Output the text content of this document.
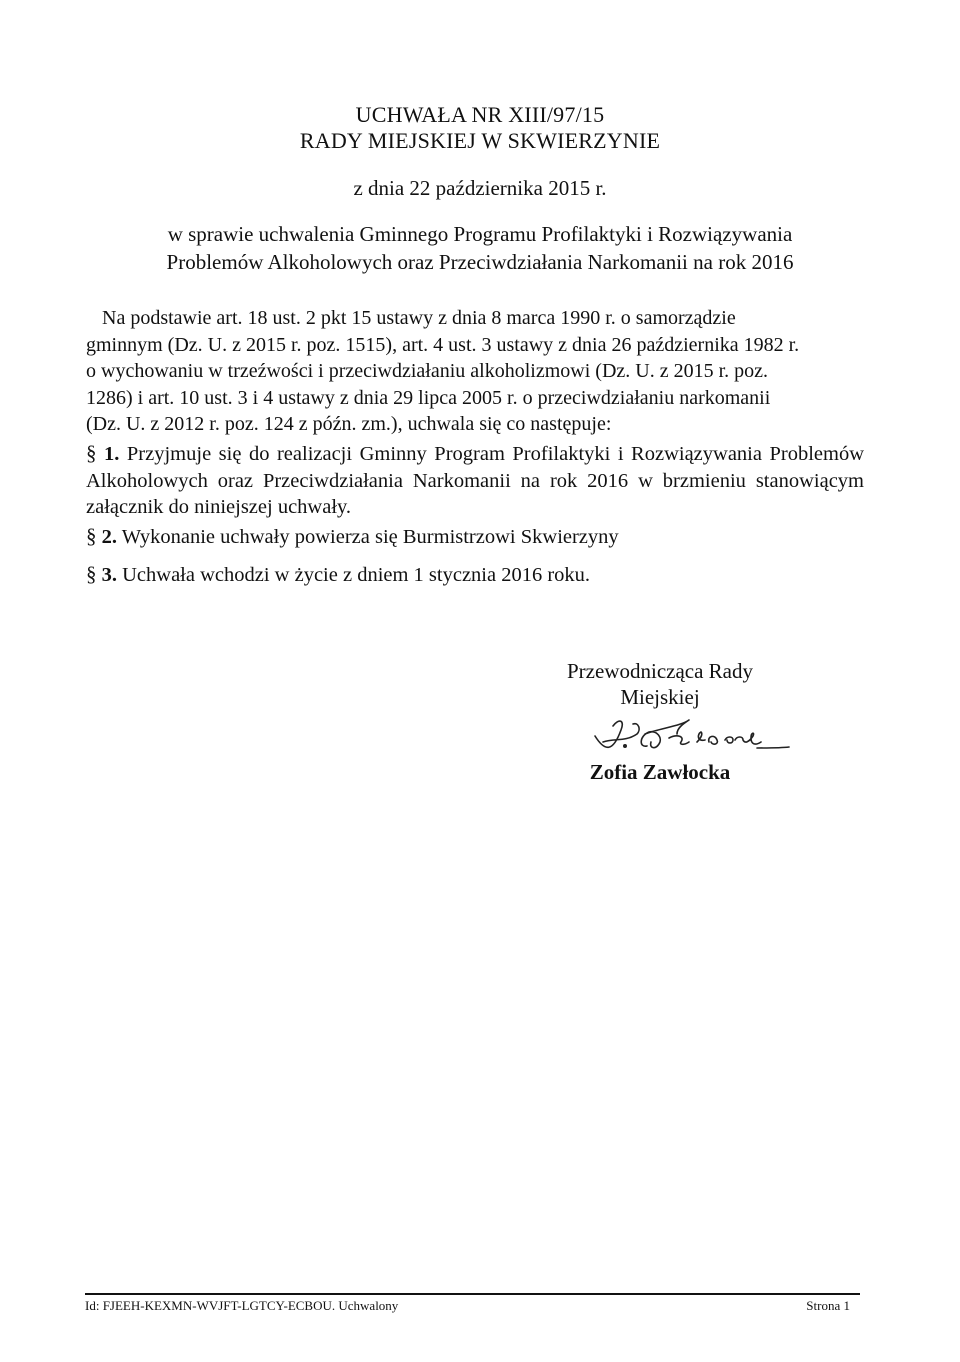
UCHWAŁA NR XIII/97/15
RADY MIEJSKIEJ W SKWIERZYNIE
z dnia 22 października 2015 r.
w sprawie uchwalenia Gminnego Programu Profilaktyki i Rozwiązywania
Problemów Alkoholowych oraz Przeciwdziałania Narkomanii na rok 2016

Na podstawie art. 18 ust. 2 pkt 15 ustawy z dnia 8 marca 1990 r. o samorządzie

gminnym (Dz. U. z 2015 r. poz. 1515), art. 4 ust. 3 ustawy z dnia 26 października 1982 r.

o wychowaniu w trzeźwości i przeciwdziałaniu alkoholizmowi (Dz. U. z 2015 r. poz.

1286) i art. 10 ust. 3 i 4 ustawy z dnia 29 lipca 2005 r. o przeciwdziałaniu narkomanii

(Dz. U. z 2012 r. poz. 124 z późn. zm.), uchwala się co następuje:

§ 1. Przyjmuje się do realizacji Gminny Program Profilaktyki i Rozwiązywania Problemów Alkoholowych oraz Przeciwdziałania Narkomanii na rok 2016 w brzmieniu stanowiącym załącznik do niniejszej uchwały.

§ 2. Wykonanie uchwały powierza się Burmistrzowi Skwierzyny

§ 3. Uchwała wchodzi w życie z dniem 1 stycznia 2016 roku.

Przewodnicząca Rady
Miejskiej
Zofia Zawłocka
Id: FJEEH-KEXMN-WVJFT-LGTCY-ECBOU. Uchwalony	Strona 1
